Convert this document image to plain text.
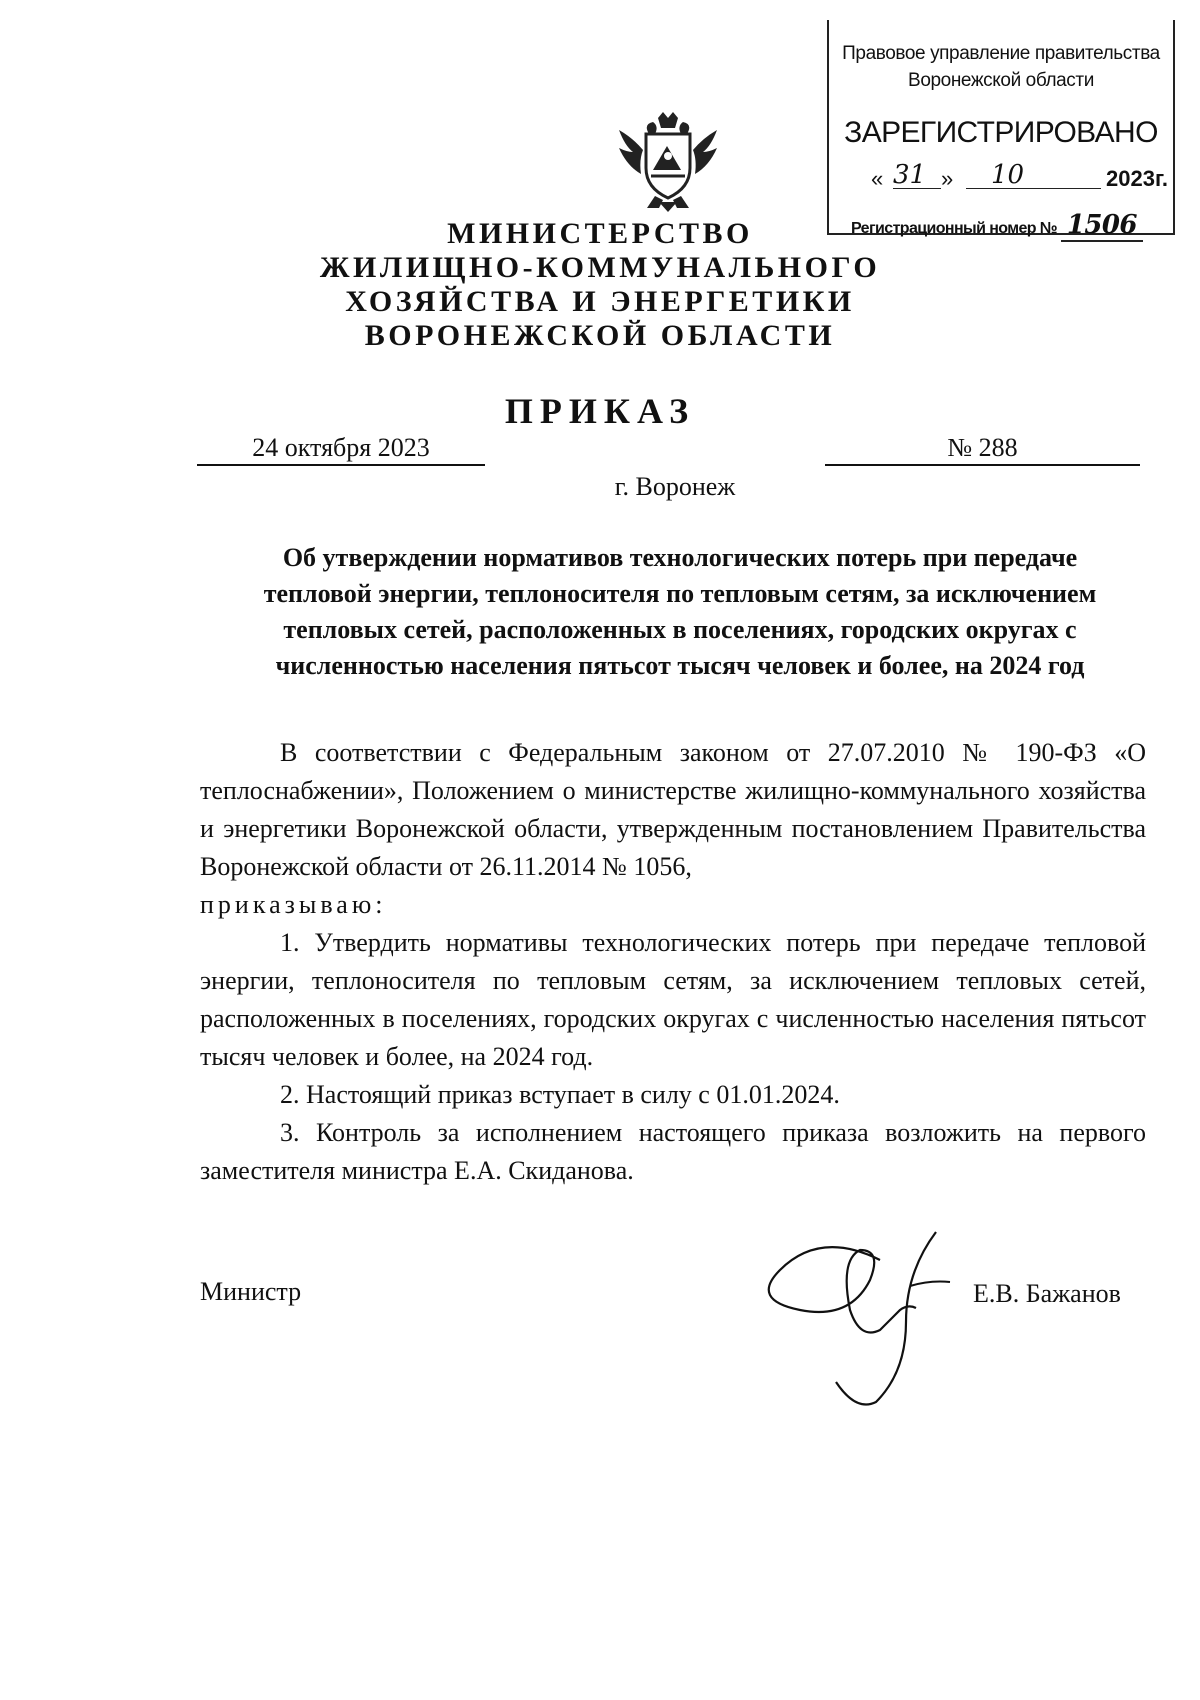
Правовое управление правительства
Воронежской области
ЗАРЕГИСТРИРОВАНО
« 31 » 10	2023г.
Регистрационный номер № 1506
МИНИСТЕРСТВО
ЖИЛИЩНО-КОММУНАЛЬНОГО
ХОЗЯЙСТВА И ЭНЕРГЕТИКИ
ВОРОНЕЖСКОЙ ОБЛАСТИ
ПРИКАЗ
24 октября 2023	№ 288
г. Воронеж
Об утверждении нормативов технологических потерь при передаче тепловой энергии, теплоносителя по тепловым сетям, за исключением тепловых сетей, расположенных в поселениях, городских округах с численностью населения пятьсот тысяч человек и более, на 2024 год

В соответствии с Федеральным законом от 27.07.2010 № 190-ФЗ «О теплоснабжении», Положением о министерстве жилищно-коммунального хозяйства и энергетики Воронежской области, утвержденным постановлением Правительства Воронежской области от 26.11.2014 № 1056,

приказываю:

1. Утвердить нормативы технологических потерь при передаче тепловой энергии, теплоносителя по тепловым сетям, за исключением тепловых сетей, расположенных в поселениях, городских округах с численностью населения пятьсот тысяч человек и более, на 2024 год.

2. Настоящий приказ вступает в силу с 01.01.2024.

3. Контроль за исполнением настоящего приказа возложить на первого заместителя министра Е.А. Скиданова.

Министр	Е.В. Бажанов
